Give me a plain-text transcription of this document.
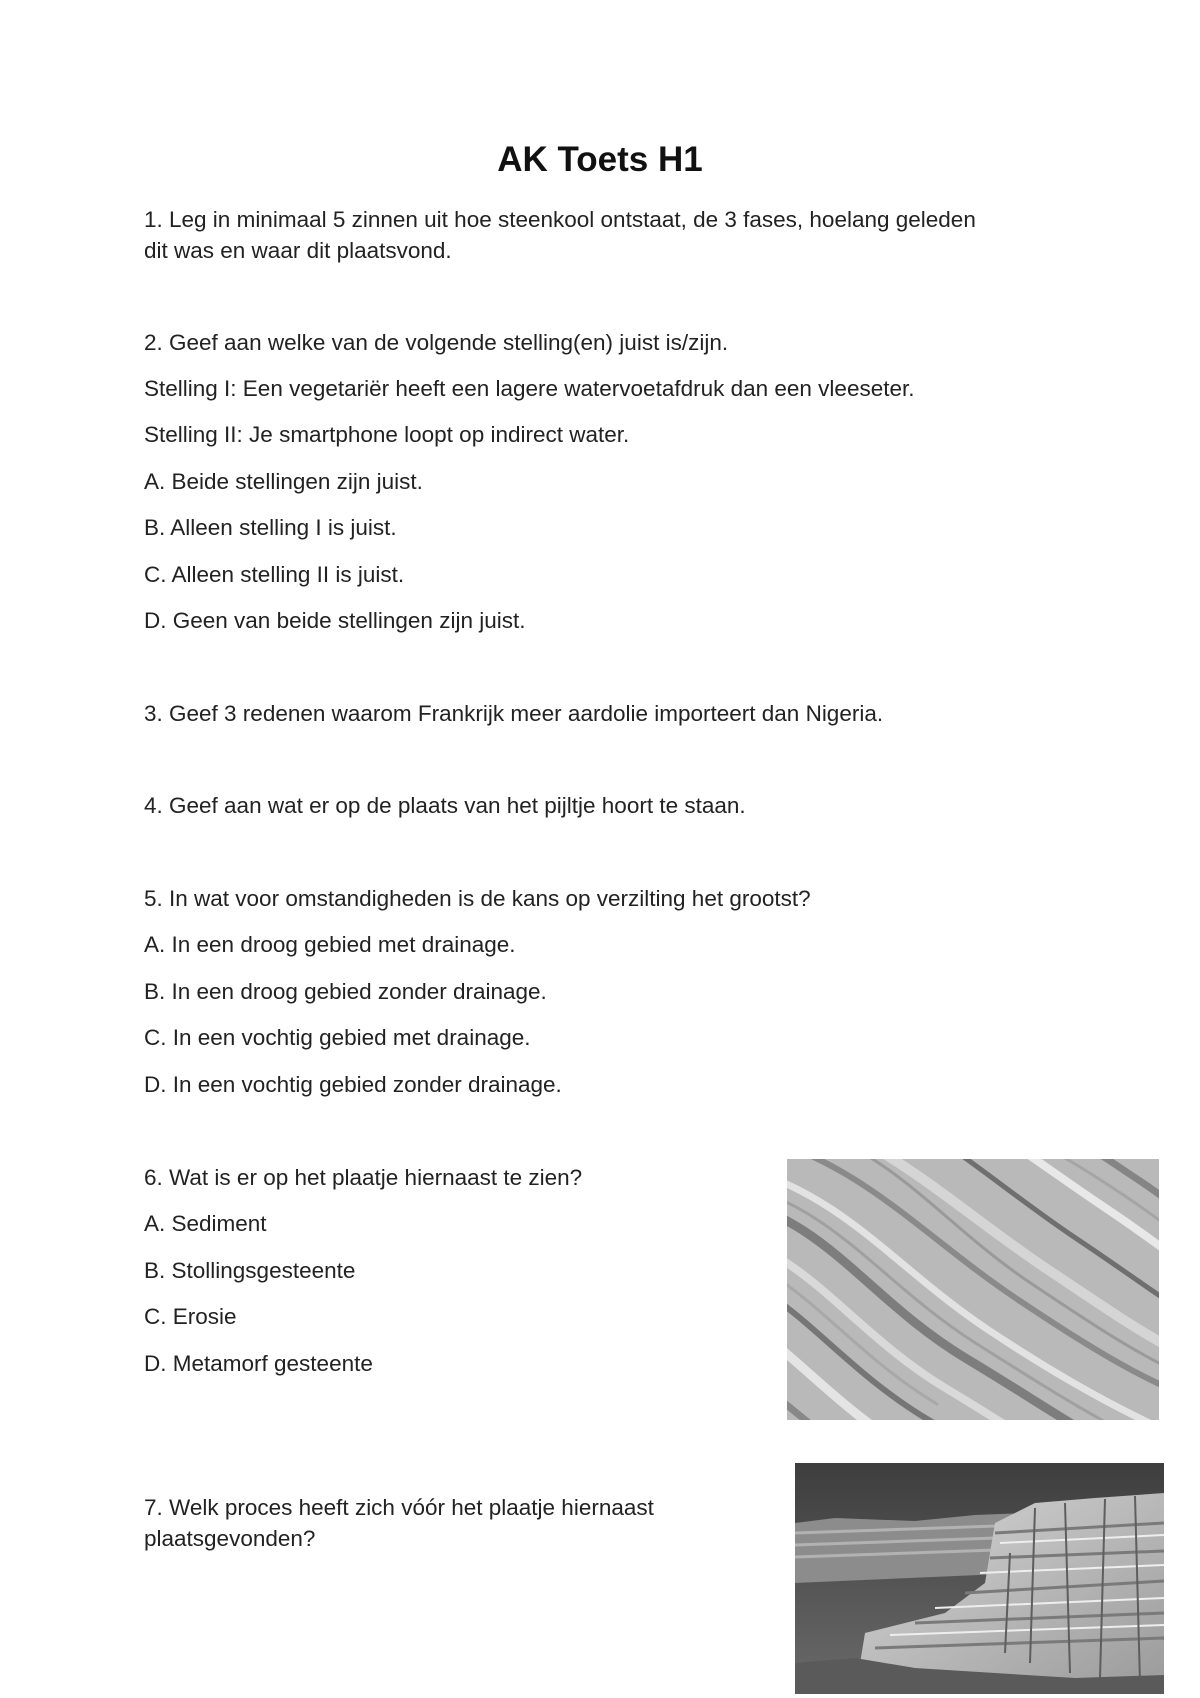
AK Toets H1
1. Leg in minimaal 5 zinnen uit hoe steenkool ontstaat, de 3 fases, hoelang geleden
dit was en waar dit plaatsvond.
2. Geef aan welke van de volgende stelling(en) juist is/zijn.
Stelling I: Een vegetariër heeft een lagere watervoetafdruk dan een vleeseter.
Stelling II: Je smartphone loopt op indirect water.
A. Beide stellingen zijn juist.
B. Alleen stelling I is juist.
C. Alleen stelling II is juist.
D. Geen van beide stellingen zijn juist.
3. Geef 3 redenen waarom Frankrijk meer aardolie importeert dan Nigeria.
4. Geef aan wat er op de plaats van het pijltje hoort te staan.
5. In wat voor omstandigheden is de kans op verzilting het grootst?
A. In een droog gebied met drainage.
B. In een droog gebied zonder drainage.
C. In een vochtig gebied met drainage.
D. In een vochtig gebied zonder drainage.
6. Wat is er op het plaatje hiernaast te zien?
A. Sediment
B. Stollingsgesteente
C. Erosie
D. Metamorf gesteente
7. Welk proces heeft zich vóór het plaatje hiernaast
plaatsgevonden?
